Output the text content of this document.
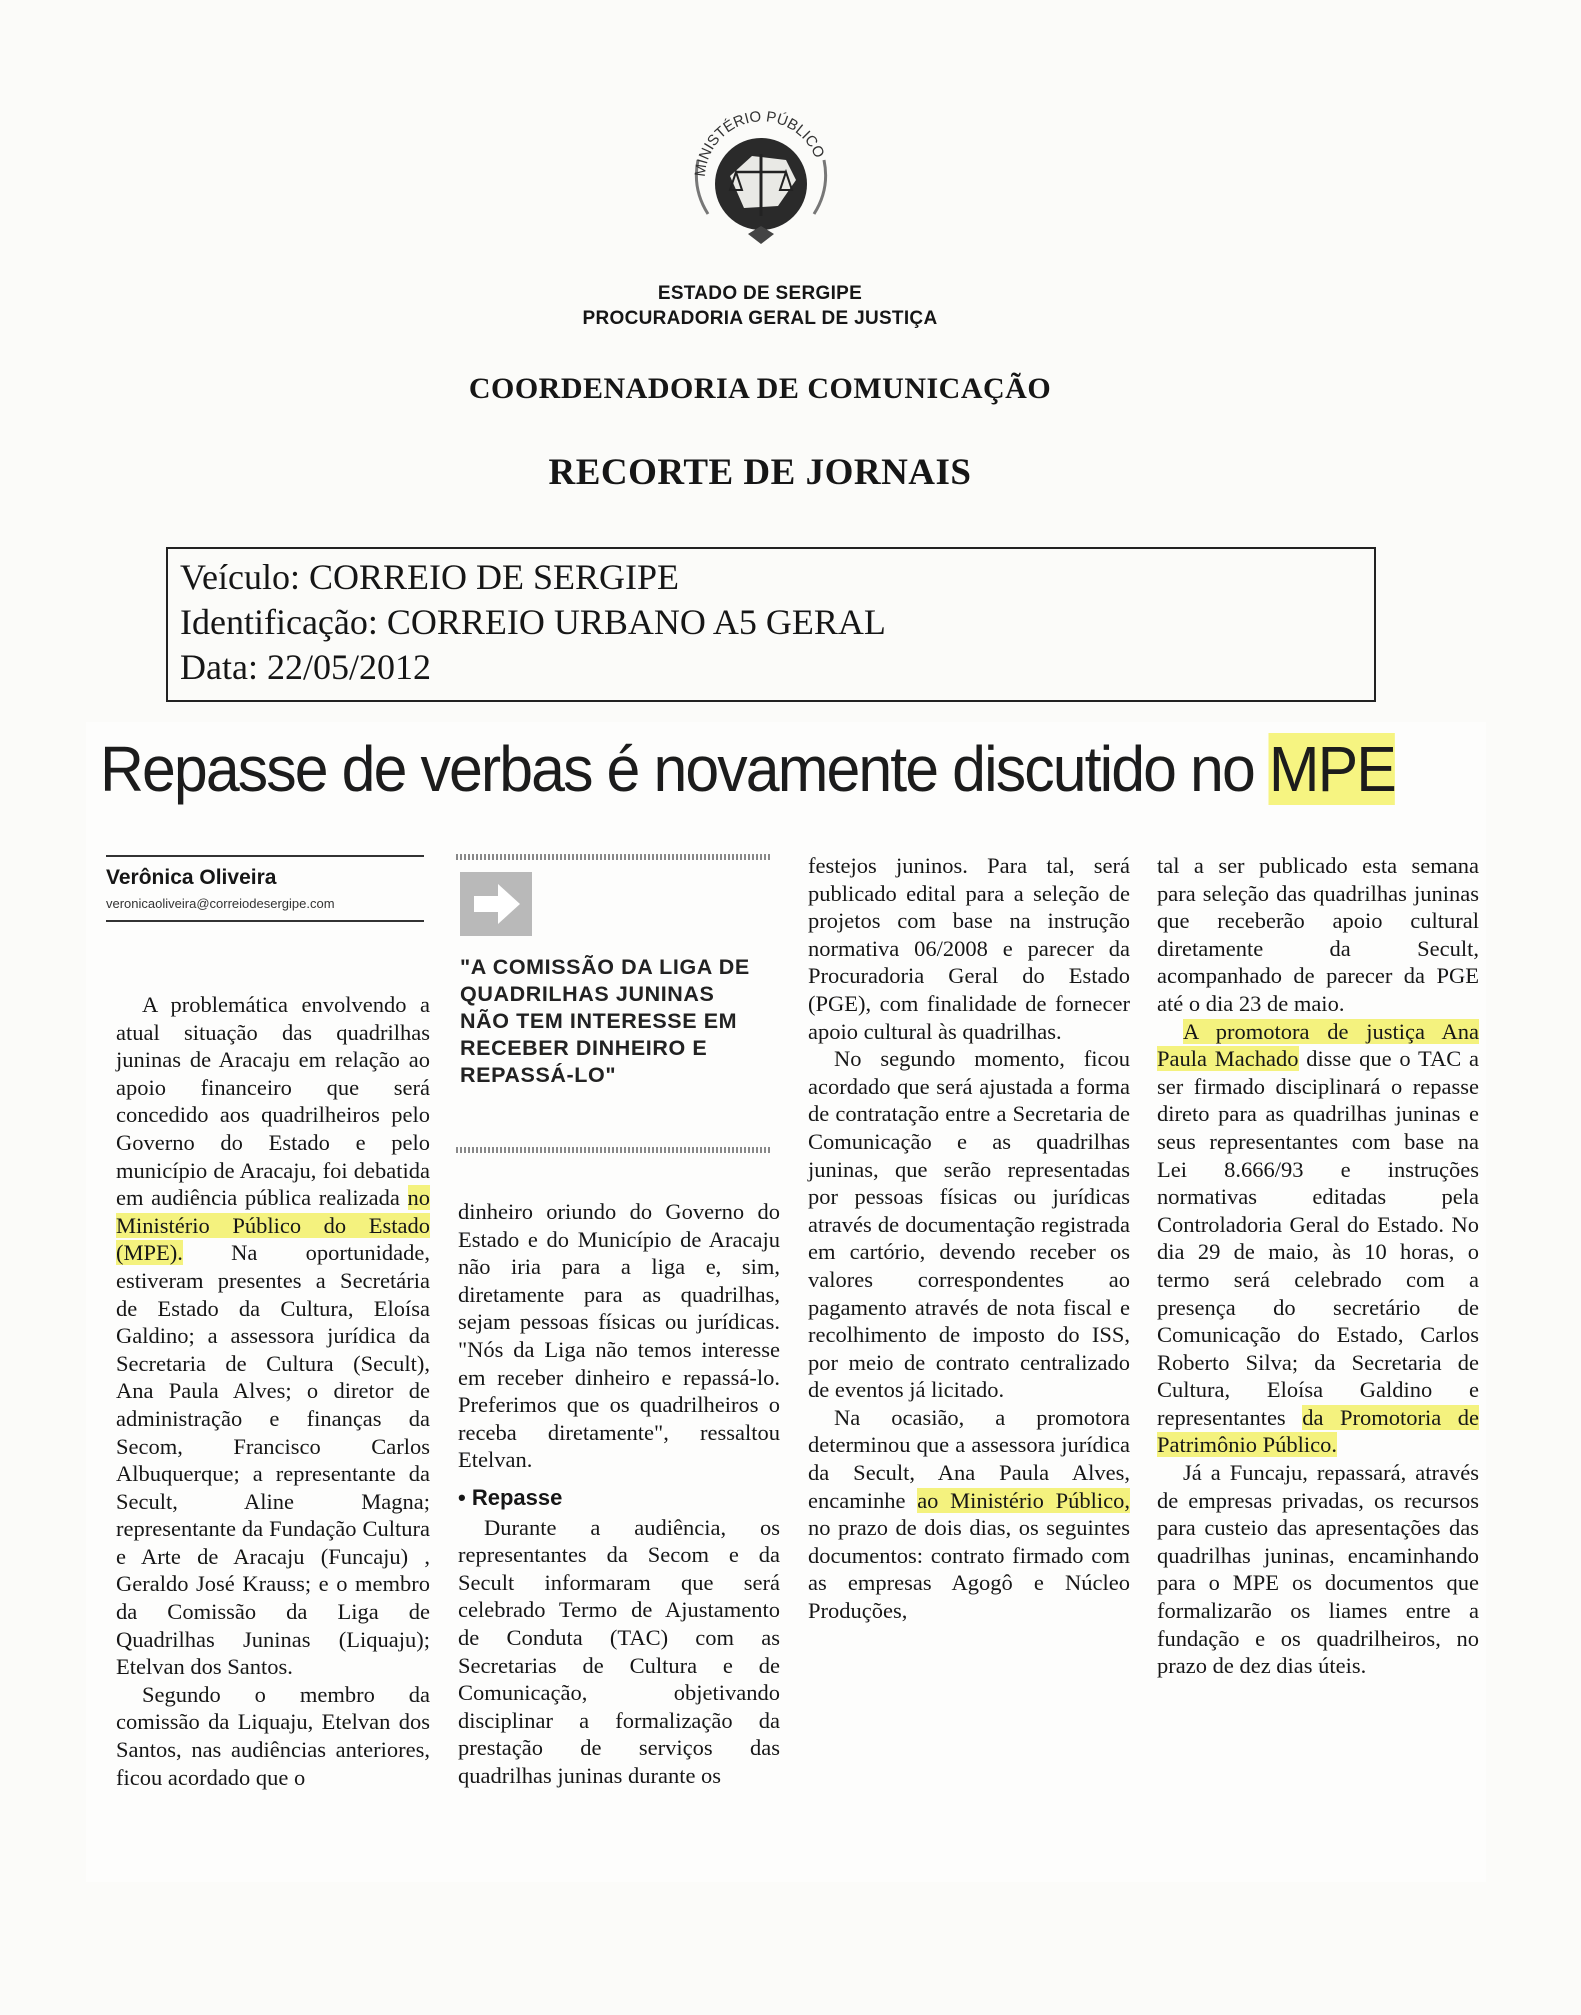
MINISTÉRIO PÚBLICO
ESTADO DE SERGIPE
PROCURADORIA GERAL DE JUSTIÇA
COORDENADORIA DE COMUNICAÇÃO
RECORTE DE JORNAIS
Veículo: CORREIO DE SERGIPE
Identificação: CORREIO URBANO A5 GERAL
Data: 22/05/2012
Repasse de verbas é novamente discutido no MPE
Verônica Oliveira
veronicaoliveira@correiodesergipe.com

A problemática envolvendo a atual situação das quadrilhas juninas de Aracaju em relação ao apoio financeiro que será concedido aos quadrilheiros pelo Governo do Estado e pelo município de Aracaju, foi debatida em audiência pública realizada no Ministério Público do Estado (MPE). Na oportunidade, estiveram presentes a Secretária de Estado da Cultura, Eloísa Galdino; a assessora jurídica da Secretaria de Cultura (Secult), Ana Paula Alves; o diretor de administração e finanças da Secom, Francisco Carlos Albuquerque; a representante da Secult, Aline Magna; representante da Fundação Cultura e Arte de Aracaju (Funcaju) , Geraldo José Krauss; e o membro da Comissão da Liga de Quadrilhas Juninas (Liquaju); Etelvan dos Santos.

Segundo o membro da comissão da Liquaju, Etelvan dos Santos, nas audiências anteriores, ficou acordado que o

"A COMISSÃO DA LIGA DE QUADRILHAS JUNINAS NÃO TEM INTERESSE EM RECEBER DINHEIRO E REPASSÁ-LO"

dinheiro oriundo do Governo do Estado e do Município de Aracaju não iria para a liga e, sim, diretamente para as quadrilhas, sejam pessoas físicas ou jurídicas. "Nós da Liga não temos interesse em receber dinheiro e repassá-lo. Preferimos que os quadrilheiros o receba diretamente", ressaltou Etelvan.

• Repasse

Durante a audiência, os representantes da Secom e da Secult informaram que será celebrado Termo de Ajustamento de Conduta (TAC) com as Secretarias de Cultura e de Comunicação, objetivando disciplinar a formalização da prestação de serviços das quadrilhas juninas durante os

festejos juninos. Para tal, será publicado edital para a seleção de projetos com base na instrução normativa 06/2008 e parecer da Procuradoria Geral do Estado (PGE), com finalidade de fornecer apoio cultural às quadrilhas.

No segundo momento, ficou acordado que será ajustada a forma de contratação entre a Secretaria de Comunicação e as quadrilhas juninas, que serão representadas por pessoas físicas ou jurídicas através de documentação registrada em cartório, devendo receber os valores correspondentes ao pagamento através de nota fiscal e recolhimento de imposto do ISS, por meio de contrato centralizado de eventos já licitado.

Na ocasião, a promotora determinou que a assessora jurídica da Secult, Ana Paula Alves, encaminhe ao Ministério Público, no prazo de dois dias, os seguintes documentos: contrato firmado com as empresas Agogô e Núcleo Produções,

tal a ser publicado esta semana para seleção das quadrilhas juninas que receberão apoio cultural diretamente da Secult, acompanhado de parecer da PGE até o dia 23 de maio.

A promotora de justiça Ana Paula Machado disse que o TAC a ser firmado disciplinará o repasse direto para as quadrilhas juninas e seus representantes com base na Lei 8.666/93 e instruções normativas editadas pela Controladoria Geral do Estado. No dia 29 de maio, às 10 horas, o termo será celebrado com a presença do secretário de Comunicação do Estado, Carlos Roberto Silva; da Secretaria de Cultura, Eloísa Galdino e representantes da Promotoria de Patrimônio Público.

Já a Funcaju, repassará, através de empresas privadas, os recursos para custeio das apresentações das quadrilhas juninas, encaminhando para o MPE os documentos que formalizarão os liames entre a fundação e os quadrilheiros, no prazo de dez dias úteis.
